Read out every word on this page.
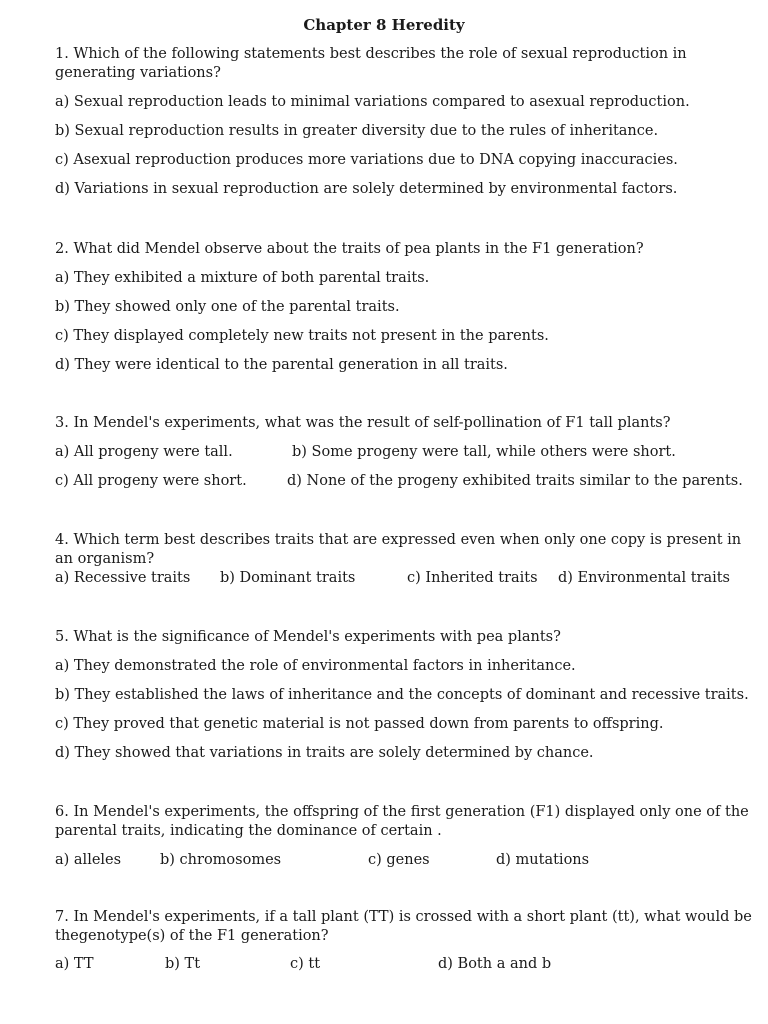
Chapter 8 Heredity
1. Which of the following statements best describes the role of sexual reproduction in generating variations?
a) Sexual reproduction leads to minimal variations compared to asexual reproduction.
b) Sexual reproduction results in greater diversity due to the rules of inheritance.
c) Asexual reproduction produces more variations due to DNA copying inaccuracies.
d) Variations in sexual reproduction are solely determined by environmental factors.
2. What did Mendel observe about the traits of pea plants in the F1 generation?
a) They exhibited a mixture of both parental traits.
b) They showed only one of the parental traits.
c) They displayed completely new traits not present in the parents.
d) They were identical to the parental generation in all traits.
3. In Mendel's experiments, what was the result of self-pollination of F1 tall plants?
a) All progeny were tall.	b) Some progeny were tall, while others were short.
c) All progeny were short.	d) None of the progeny exhibited traits similar to the parents.
4. Which term best describes traits that are expressed even when only one copy is present in an organism?
a) Recessive traits b) Dominant traits	c) Inherited traits d) Environmental traits
5. What is the significance of Mendel's experiments with pea plants?
a) They demonstrated the role of environmental factors in inheritance.
b) They established the laws of inheritance and the concepts of dominant and recessive traits.
c) They proved that genetic material is not passed down from parents to offspring.
d) They showed that variations in traits are solely determined by chance.
6. In Mendel's experiments, the offspring of the first generation (F1) displayed only one of the parental traits, indicating the dominance of certain .
a) alleles	b) chromosomes	c) genes	d) mutations
7. In Mendel's experiments, if a tall plant (TT) is crossed with a short plant (tt), what would be thegenotype(s) of the F1 generation?
a) TT	b) Tt	c) tt	d) Both a and b
